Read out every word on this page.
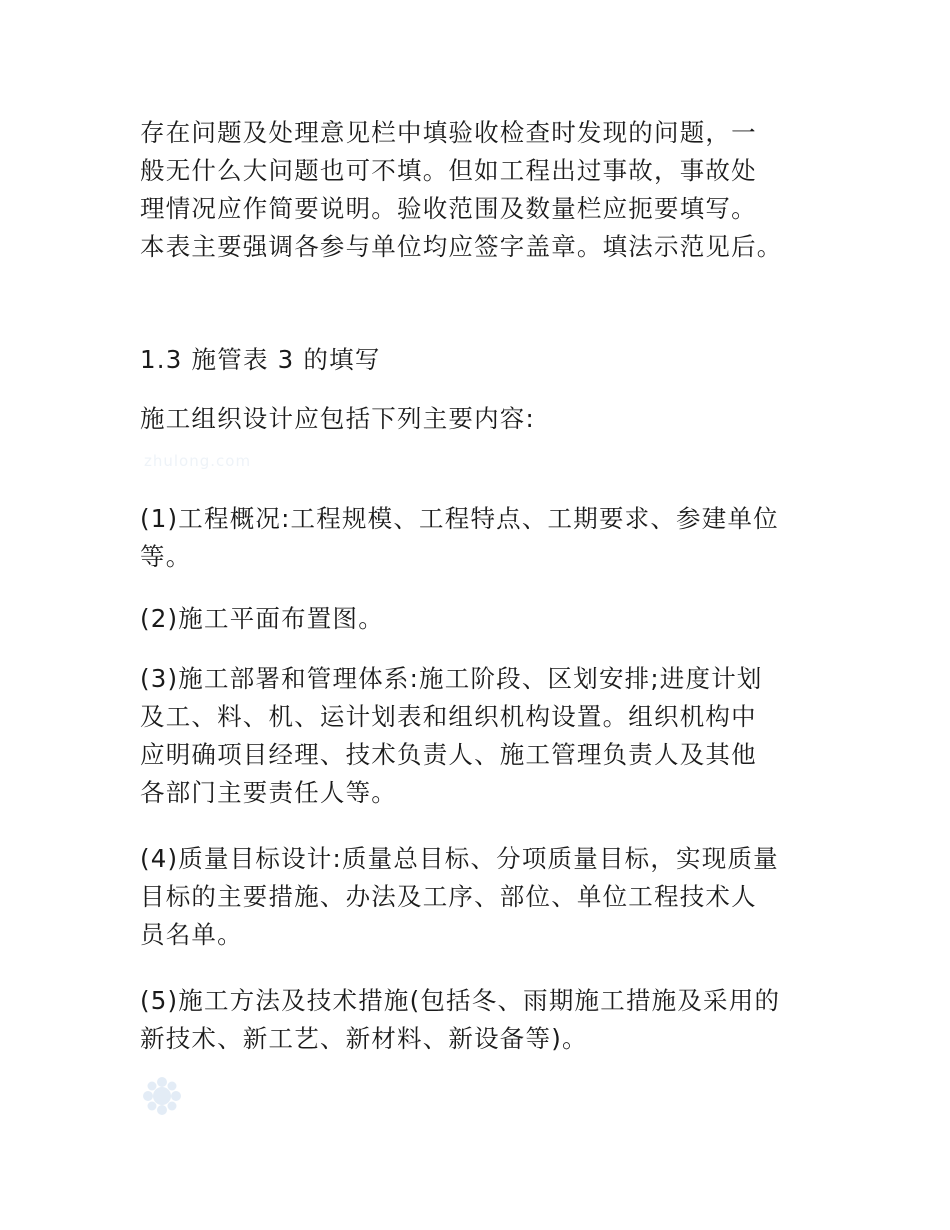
存在问题及处理意见栏中填验收检查时发现的问题，一
般无什么大问题也可不填。但如工程出过事故，事故处
理情况应作简要说明。验收范围及数量栏应扼要填写。
本表主要强调各参与单位均应签字盖章。填法示范见后。

1.3 施管表 3 的填写

施工组织设计应包括下列主要内容:

zhulong.com

(1)工程概况:工程规模、工程特点、工期要求、参建单位
等。

(2)施工平面布置图。

(3)施工部署和管理体系:施工阶段、区划安排;进度计划
及工、料、机、运计划表和组织机构设置。组织机构中
应明确项目经理、技术负责人、施工管理负责人及其他
各部门主要责任人等。

(4)质量目标设计:质量总目标、分项质量目标，实现质量
目标的主要措施、办法及工序、部位、单位工程技术人
员名单。

(5)施工方法及技术措施(包括冬、雨期施工措施及采用的
新技术、新工艺、新材料、新设备等)。
